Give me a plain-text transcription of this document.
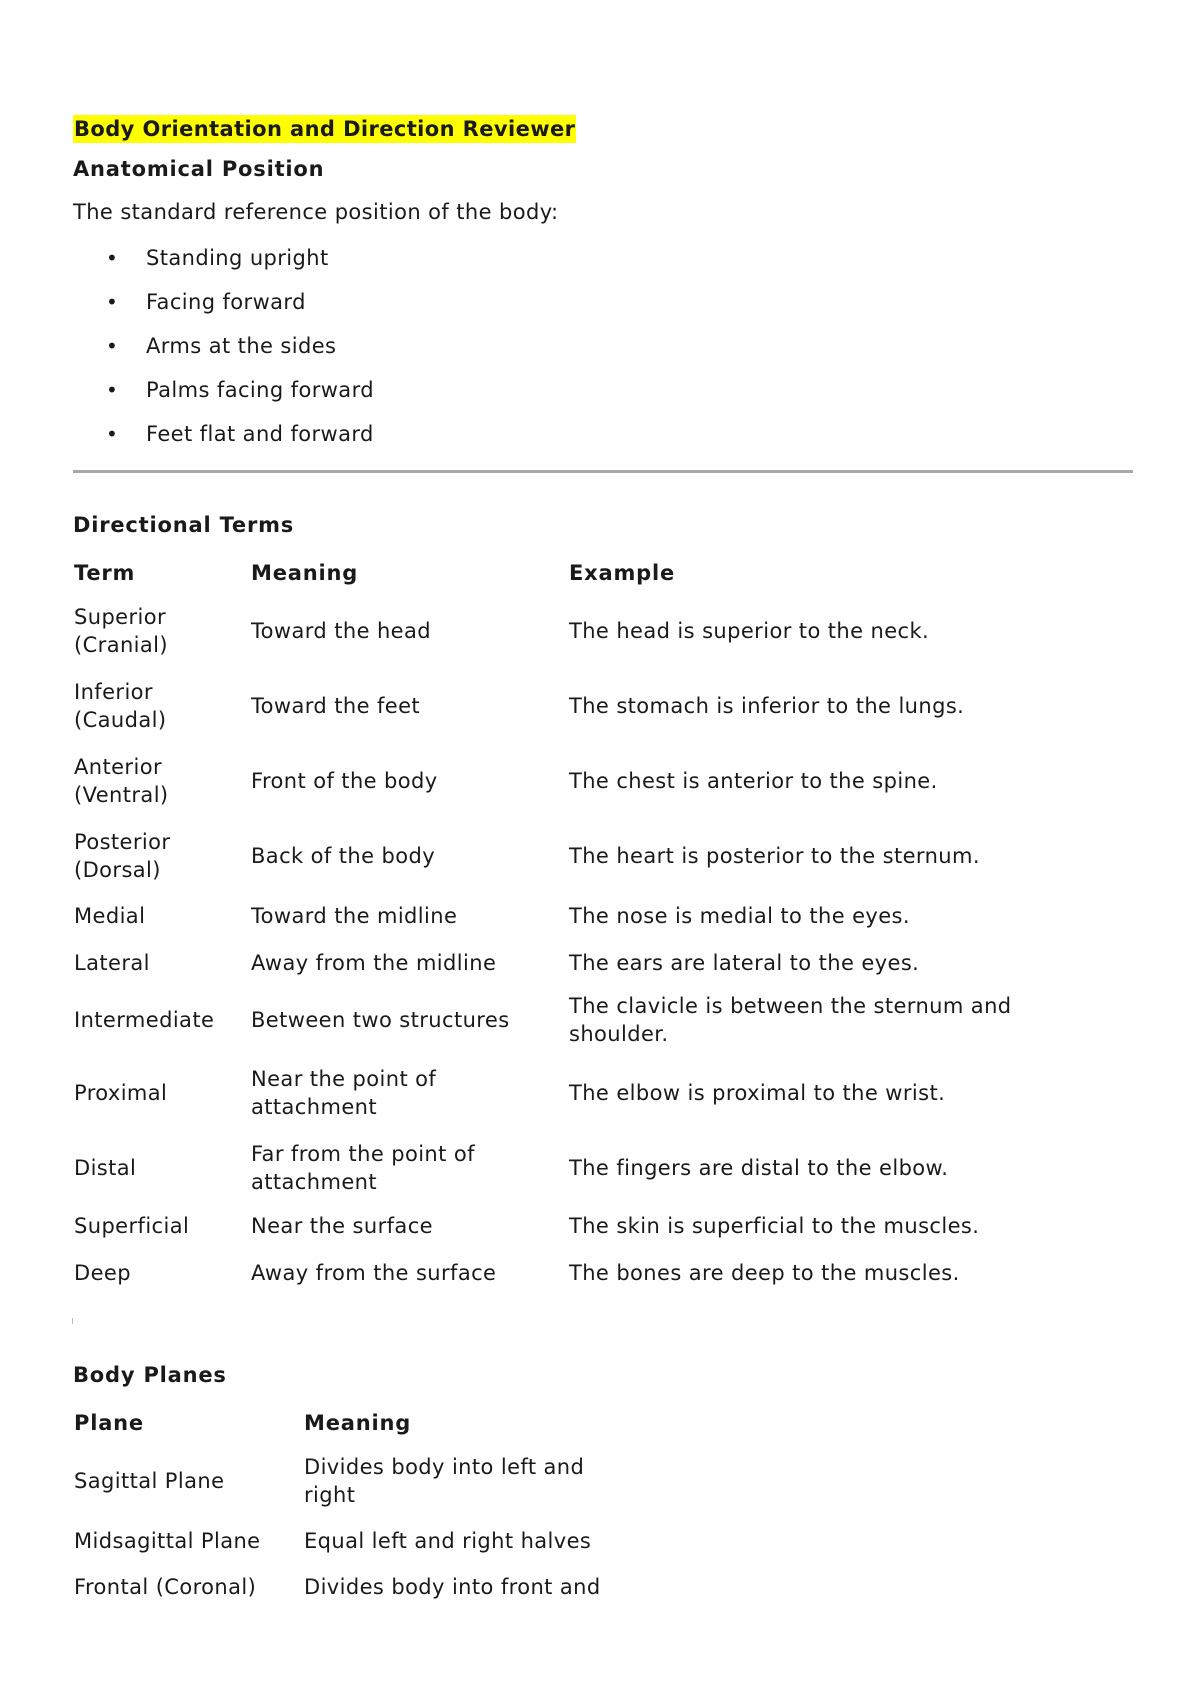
Body Orientation and Direction Reviewer
Anatomical Position

The standard reference position of the body:

• Standing upright
• Facing forward
• Arms at the sides
• Palms facing forward
• Feet flat and forward
Directional Terms
Term	Meaning	Example
Superior (Cranial)	Toward the head	The head is superior to the neck.
Inferior (Caudal)	Toward the feet	The stomach is inferior to the lungs.
Anterior (Ventral)	Front of the body	The chest is anterior to the spine.
Posterior (Dorsal)	Back of the body	The heart is posterior to the sternum.
Medial	Toward the midline	The nose is medial to the eyes.
Lateral	Away from the midline	The ears are lateral to the eyes.
Intermediate	Between two structures	The clavicle is between the sternum and shoulder.
Proximal	Near the point of attachment	The elbow is proximal to the wrist.
Distal	Far from the point of attachment	The fingers are distal to the elbow.
Superficial	Near the surface	The skin is superficial to the muscles.
Deep	Away from the surface	The bones are deep to the muscles.
Body Planes
Plane	Meaning
Sagittal Plane	Divides body into left and right
Midsagittal Plane	Equal left and right halves
Frontal (Coronal)	Divides body into front and
